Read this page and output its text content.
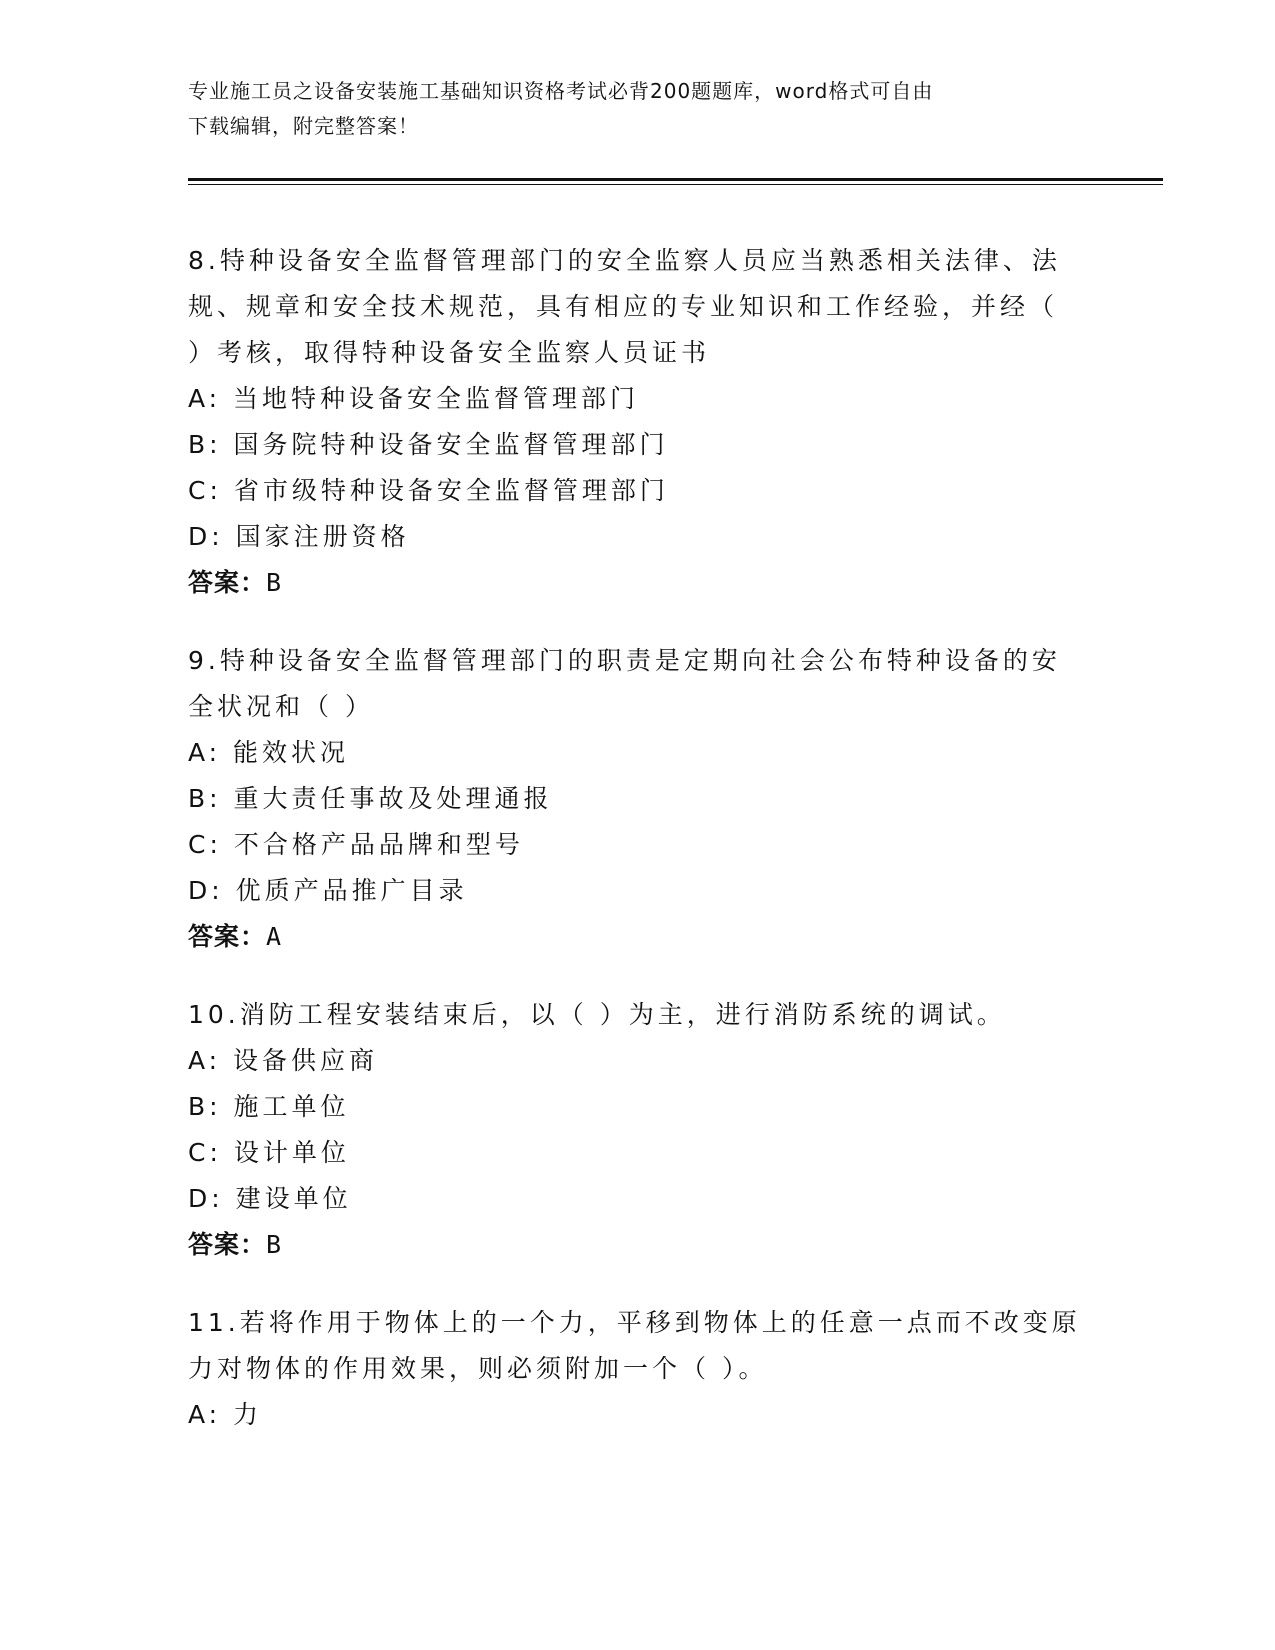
专业施工员之设备安装施工基础知识资格考试必背200题题库，word格式可自由
下载编辑，附完整答案！

8.特种设备安全监督管理部门的安全监察人员应当熟悉相关法律、法

规、规章和安全技术规范，具有相应的专业知识和工作经验，并经（

）考核，取得特种设备安全监察人员证书

A: 当地特种设备安全监督管理部门

B: 国务院特种设备安全监督管理部门

C: 省市级特种设备安全监督管理部门

D: 国家注册资格

答案：B

9.特种设备安全监督管理部门的职责是定期向社会公布特种设备的安

全状况和（ ）

A: 能效状况

B: 重大责任事故及处理通报

C: 不合格产品品牌和型号

D: 优质产品推广目录

答案：A

10.消防工程安装结束后，以（ ）为主，进行消防系统的调试。

A: 设备供应商

B: 施工单位

C: 设计单位

D: 建设单位

答案：B

11.若将作用于物体上的一个力，平移到物体上的任意一点而不改变原

力对物体的作用效果，则必须附加一个（ ）。

A: 力
